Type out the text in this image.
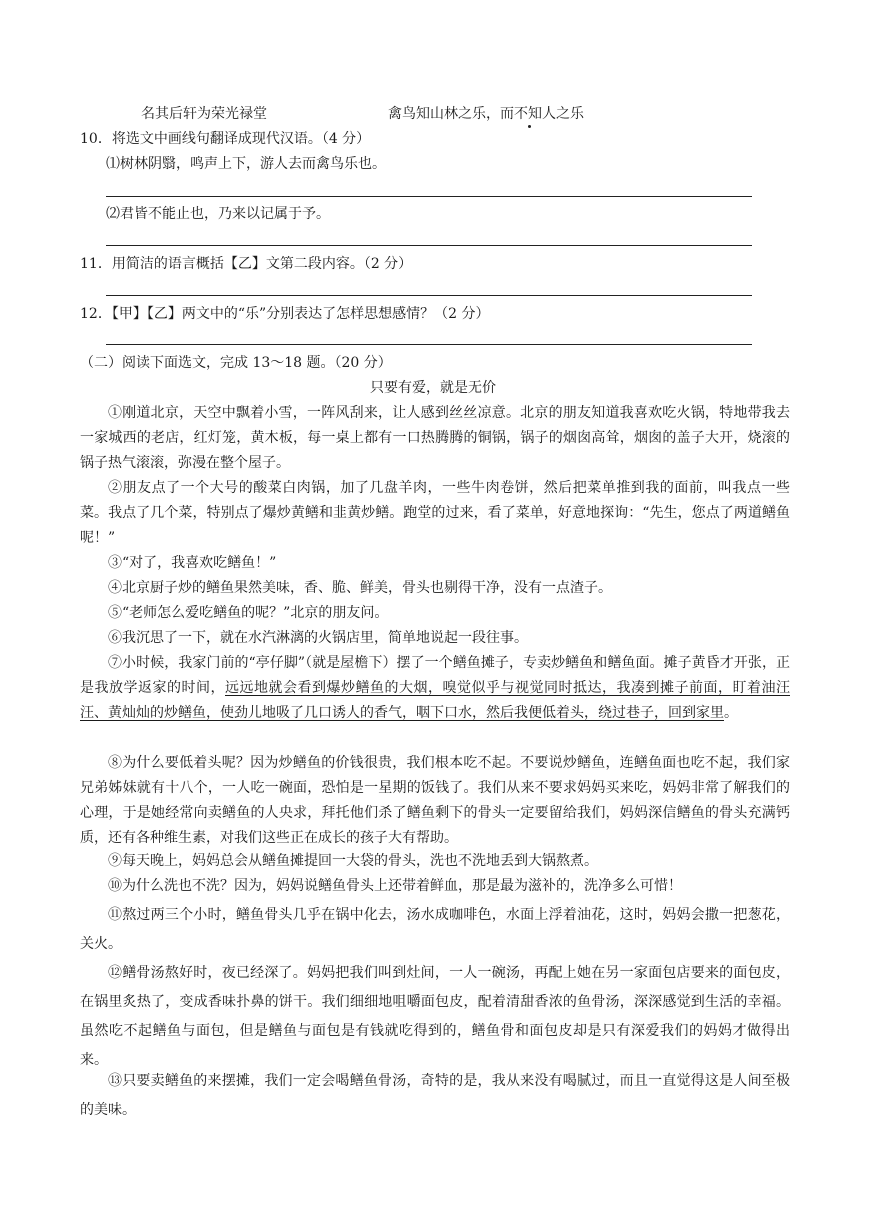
名其后轩为荣光禄堂	禽鸟知山林之乐，而不知人之乐
10．将选文中画线句翻译成现代汉语。（4 分）
⑴树林阴翳，鸣声上下，游人去而禽鸟乐也。
⑵君皆不能止也，乃来以记属于予。
11．用简洁的语言概括【乙】文第二段内容。（2 分）
12．【甲】【乙】两文中的“乐”分别表达了怎样思想感情？（2 分）
（二）阅读下面选文，完成 13～18 题。（20 分）
只要有爱，就是无价
①刚道北京，天空中飘着小雪，一阵风刮来，让人感到丝丝凉意。北京的朋友知道我喜欢吃火锅，特地带我去一家城西的老店，红灯笼，黄木板，每一桌上都有一口热腾腾的铜锅，锅子的烟囱高耸，烟囱的盖子大开，烧滚的锅子热气滚滚，弥漫在整个屋子。
②朋友点了一个大号的酸菜白肉锅，加了几盘羊肉，一些牛肉卷饼，然后把菜单推到我的面前，叫我点一些菜。我点了几个菜，特别点了爆炒黄鳝和韭黄炒鳝。跑堂的过来，看了菜单，好意地探询：“先生，您点了两道鳝鱼呢！”
③“对了，我喜欢吃鳝鱼！”
④北京厨子炒的鳝鱼果然美味，香、脆、鲜美，骨头也剔得干净，没有一点渣子。
⑤“老师怎么爱吃鳝鱼的呢？”北京的朋友问。
⑥我沉思了一下，就在水汽淋漓的火锅店里，简单地说起一段往事。
⑦小时候，我家门前的“亭仔脚”（就是屋檐下）摆了一个鳝鱼摊子，专卖炒鳝鱼和鳝鱼面。摊子黄昏才开张，正是我放学返家的时间，远远地就会看到爆炒鳝鱼的大烟，嗅觉似乎与视觉同时抵达，我凑到摊子前面，盯着油汪汪、黄灿灿的炒鳝鱼，使劲儿地吸了几口诱人的香气，咽下口水，然后我便低着头，绕过巷子，回到家里。
⑧为什么要低着头呢？因为炒鳝鱼的价钱很贵，我们根本吃不起。不要说炒鳝鱼，连鳝鱼面也吃不起，我们家兄弟姊妹就有十八个，一人吃一碗面，恐怕是一星期的饭钱了。我们从来不要求妈妈买来吃，妈妈非常了解我们的心理，于是她经常向卖鳝鱼的人央求，拜托他们杀了鳝鱼剩下的骨头一定要留给我们，妈妈深信鳝鱼的骨头充满钙质，还有各种维生素，对我们这些正在成长的孩子大有帮助。
⑨每天晚上，妈妈总会从鳝鱼摊提回一大袋的骨头，洗也不洗地丢到大锅熬煮。
⑩为什么洗也不洗？因为，妈妈说鳝鱼骨头上还带着鲜血，那是最为滋补的，洗净多么可惜！
⑪熬过两三个小时，鳝鱼骨头几乎在锅中化去，汤水成咖啡色，水面上浮着油花，这时，妈妈会撒一把葱花，关火。
⑫鳝骨汤熬好时，夜已经深了。妈妈把我们叫到灶间，一人一碗汤，再配上她在另一家面包店要来的面包皮，在锅里炙热了，变成香味扑鼻的饼干。我们细细地咀嚼面包皮，配着清甜香浓的鱼骨汤，深深感觉到生活的幸福。虽然吃不起鳝鱼与面包，但是鳝鱼与面包是有钱就吃得到的，鳝鱼骨和面包皮却是只有深爱我们的妈妈才做得出来。
⑬只要卖鳝鱼的来摆摊，我们一定会喝鳝鱼骨汤，奇特的是，我从来没有喝腻过，而且一直觉得这是人间至极的美味。
